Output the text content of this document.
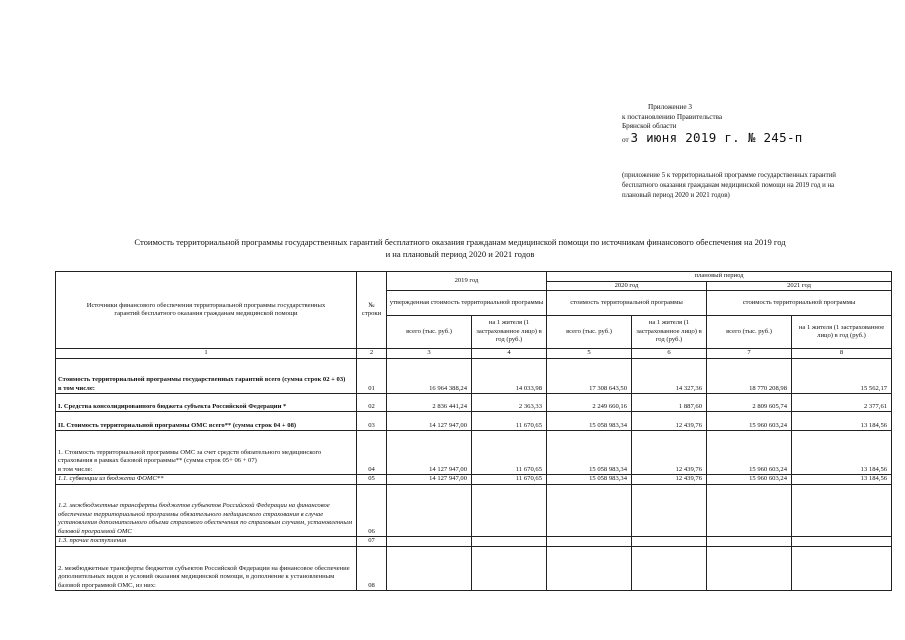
Приложение 3
к постановлению Правительства
Брянской области
от 3 июня 2019 г. № 245-п
(приложение 5 к территориальной программе государственных гарантий бесплатного оказания гражданам медицинской помощи на 2019 год и на плановый период 2020 и 2021 годов)
Стоимость территориальной программы государственных гарантий бесплатного оказания гражданам медицинской помощи по источникам финансового обеспечения на 2019 год
и на плановый период 2020 и 2021 годов
Источники финансового обеспечения территориальной программы государственных гарантий бесплатного оказания гражданам медицинской помощи	№ строки	2019 год		плановый период			
				2020 год		2021 год	
		утвержденная стоимость территориальной программы		стоимость территориальной программы		стоимость территориальной программы	
		всего (тыс. руб.)	на 1 жителя (1 застрахованное лицо) в год (руб.)	всего (тыс. руб.)	на 1 жителя (1 застрахованное лицо) в год (руб.)	всего (тыс. руб.)	на 1 жителя (1 застрахованное лицо) в год (руб.)
1	2	3	4	5	6	7	8

Стоимость территориальной программы государственных гарантий всего (сумма строк 02 + 03)
в том числе:	01	16 964 388,24	14 033,98	17 308 643,50	14 327,36	18 770 208,98	15 562,17
I. Средства консолидированного бюджета субъекта Российской Федерации *	02	2 836 441,24	2 363,33	2 249 660,16	1 887,60	2 809 605,74	2 377,61
II. Стоимость территориальной программы ОМС всего** (сумма строк 04 + 08)	03	14 127 947,00	11 670,65	15 058 983,34	12 439,76	15 960 603,24	13 184,56

1. Стоимость территориальной программы ОМС за счет средств обязательного медицинского страхования в рамках базовой программы** (сумма строк 05+ 06 + 07)
в том числе:	04	14 127 947,00	11 670,65	15 058 983,34	12 439,76	15 960 603,24	13 184,56
1.1. субвенции из бюджета ФОМС**	05	14 127 947,00	11 670,65	15 058 983,34	12 439,76	15 960 603,24	13 184,56
1.2. межбюджетные трансферты бюджетов субъектов Российской Федерации на финансовое обеспечение территориальной программы обязательного медицинского страхования в случае установления дополнительного объема страхового обеспечения по страховым случаям, установленным базовой программой ОМС	06						
1.3. прочие поступления	07						
2. межбюджетные трансферты бюджетов субъектов Российской Федерации на финансовое обеспечение дополнительных видов и условий оказания медицинской помощи, в дополнение к установленным базовой программой ОМС, из них:	08						
